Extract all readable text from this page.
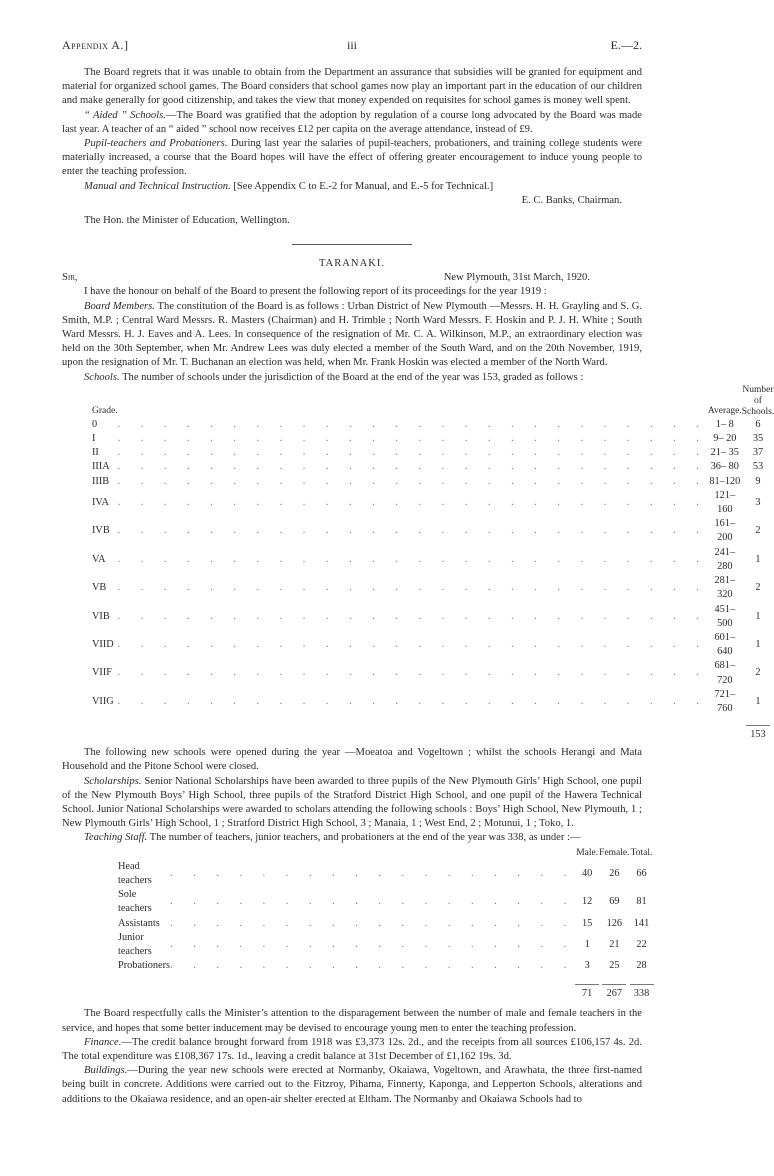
Appendix A.]	iii	E.—2.

The Board regrets that it was unable to obtain from the Department an assurance that subsidies will be granted for equipment and material for organized school games. The Board considers that school games now play an important part in the education of our children and make generally for good citizenship, and takes the view that money expended on requisites for school games is money well spent.

“ Aided ” Schools.—The Board was gratified that the adoption by regulation of a course long advocated by the Board was made last year. A teacher of an “ aided ” school now receives £12 per capita on the average attendance, instead of £9.

Pupil-teachers and Probationers. During last year the salaries of pupil-teachers, probationers, and training college students were materially increased, a course that the Board hopes will have the effect of offering greater encouragement to induce young people to enter the teaching profession.

Manual and Technical Instruction. [See Appendix C to E.-2 for Manual, and E.-5 for Technical.]

E. C. Banks, Chairman.

The Hon. the Minister of Education, Wellington.

TARANAKI.
Sir,	New Plymouth, 31st March, 1920.

I have the honour on behalf of the Board to present the following report of its proceedings for the year 1919 :

Board Members. The constitution of the Board is as follows : Urban District of New Plymouth —Messrs. H. H. Grayling and S. G. Smith, M.P. ; Central Ward Messrs. R. Masters (Chairman) and H. Trimble ; North Ward Messrs. F. Hoskin and P. J. H. White ; South Ward Messrs. H. J. Eaves and A. Lees. In consequence of the resignation of Mr. C. A. Wilkinson, M.P., an extraordinary election was held on the 30th September, when Mr. Andrew Lees was duly elected a member of the South Ward, and on the 20th November, 1919, upon the resignation of Mr. T. Buchanan an election was held, when Mr. Frank Hoskin was elected a member of the North Ward.

Schools. The number of schools under the jurisdiction of the Board at the end of the year was 153, graded as follows :

Grade.		Average.	Number
of Schools.
0	. . . . . . . . . . . . . . . . . . . . . . . . . .	1– 8	6
I	. . . . . . . . . . . . . . . . . . . . . . . . . .	9– 20	35
II	. . . . . . . . . . . . . . . . . . . . . . . . . .	21– 35	37
IIIA	. . . . . . . . . . . . . . . . . . . . . . . . . .	36– 80	53
IIIB	. . . . . . . . . . . . . . . . . . . . . . . . . .	81–120	9
IVA	. . . . . . . . . . . . . . . . . . . . . . . . . .	121–160	3
IVB	. . . . . . . . . . . . . . . . . . . . . . . . . .	161–200	2
VA	. . . . . . . . . . . . . . . . . . . . . . . . . .	241–280	1
VB	. . . . . . . . . . . . . . . . . . . . . . . . . .	281–320	2
VIB	. . . . . . . . . . . . . . . . . . . . . . . . . .	451–500	1
VIID	. . . . . . . . . . . . . . . . . . . . . . . . . .	601–640	1
VIIF	. . . . . . . . . . . . . . . . . . . . . . . . . .	681–720	2
VIIG	. . . . . . . . . . . . . . . . . . . . . . . . . .	721–760	1

153

The following new schools were opened during the year —Moeatoa and Vogeltown ; whilst the schools Herangi and Mata Household and the Pitone School were closed.

Scholarships. Senior National Scholarships have been awarded to three pupils of the New Plymouth Girls’ High School, one pupil of the New Plymouth Boys’ High School, three pupils of the Stratford District High School, and one pupil of the Hawera Technical School. Junior National Scholarships were awarded to scholars attending the following schools : Boys’ High School, New Plymouth, 1 ; New Plymouth Girls’ High School, 1 ; Stratford District High School, 3 ; Manaia, 1 ; West End, 2 ; Motunui, 1 ; Toko, 1.

Teaching Staff. The number of teachers, junior teachers, and probationers at the end of the year was 338, as under :—

		Male.	Female.	Total.
Head teachers	. . . . . . . . . . . . . . . . . .	40	26	66
Sole teachers	. . . . . . . . . . . . . . . . . .	12	69	81
Assistants	. . . . . . . . . . . . . . . . . .	15	126	141
Junior teachers	. . . . . . . . . . . . . . . . . .	1	21	22
Probationers	. . . . . . . . . . . . . . . . . .	3	25	28

71	267	338

The Board respectfully calls the Minister’s attention to the disparagement between the number of male and female teachers in the service, and hopes that some better inducement may be devised to encourage young men to enter the teaching profession.

Finance.—The credit balance brought forward from 1918 was £3,373 12s. 2d., and the receipts from all sources £106,157 4s. 2d. The total expenditure was £108,367 17s. 1d., leaving a credit balance at 31st December of £1,162 19s. 3d.

Buildings.—During the year new schools were erected at Normanby, Okaiawa, Vogeltown, and Arawhata, the three first-named being built in concrete. Additions were carried out to the Fitzroy, Pihama, Finnerty, Kaponga, and Lepperton Schools, alterations and additions to the Okaiawa residence, and an open-air shelter erected at Eltham. The Normanby and Okaiawa Schools had to
